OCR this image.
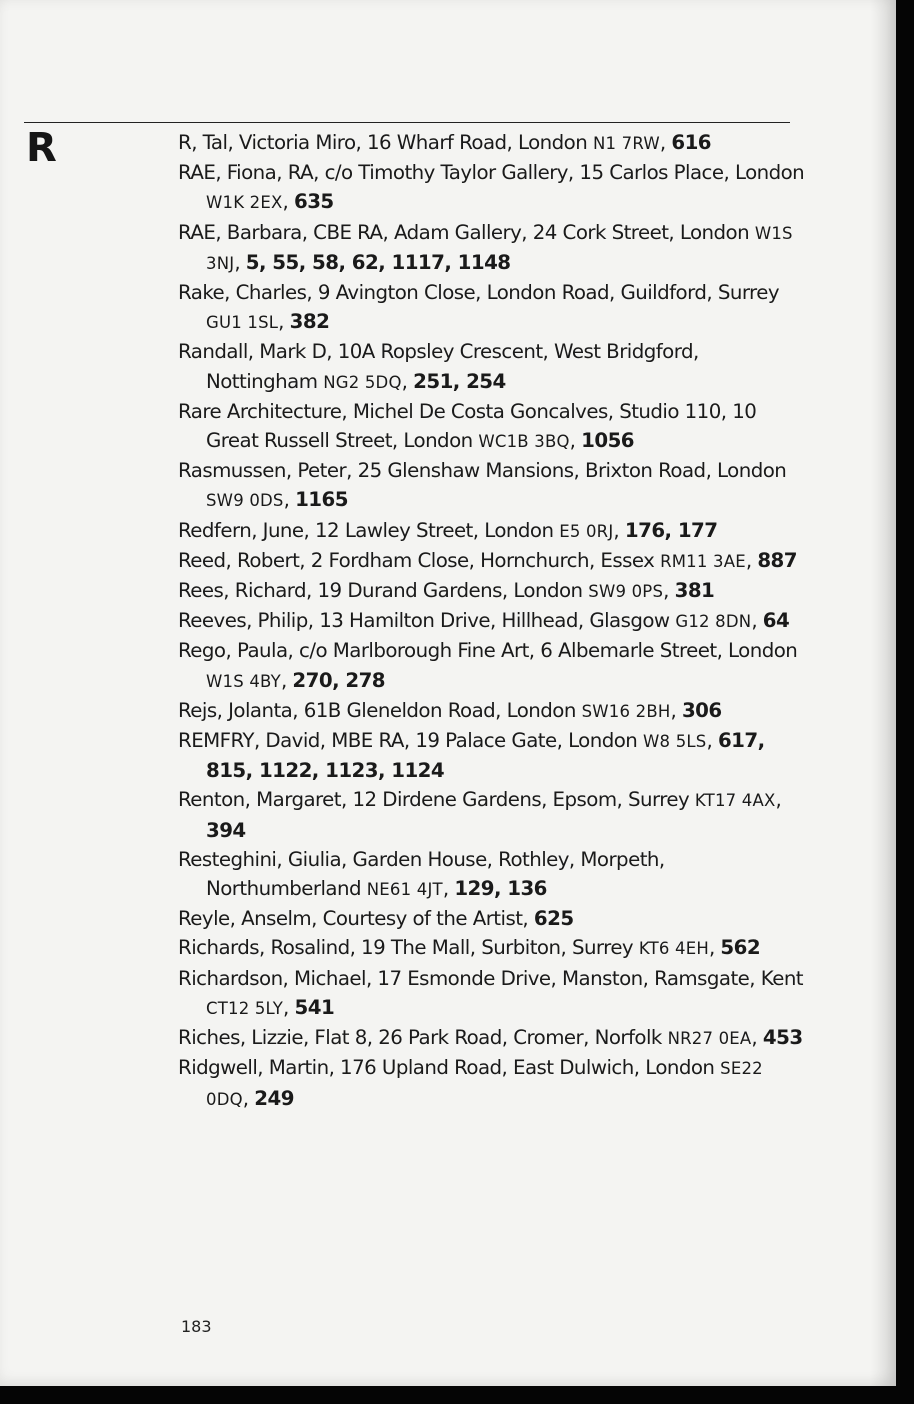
R	R, Tal, Victoria Miro, 16 Wharf Road, London N1 7RW, 616
RAE, Fiona, RA, c/o Timothy Taylor Gallery, 15 Carlos Place, London W1K 2EX, 635
RAE, Barbara, CBE RA, Adam Gallery, 24 Cork Street, London W1S 3NJ, 5, 55, 58, 62, 1117, 1148
Rake, Charles, 9 Avington Close, London Road, Guildford, Surrey GU1 1SL, 382
Randall, Mark D, 10A Ropsley Crescent, West Bridgford, Nottingham NG2 5DQ, 251, 254
Rare Architecture, Michel De Costa Goncalves, Studio 110, 10 Great Russell Street, London WC1B 3BQ, 1056
Rasmussen, Peter, 25 Glenshaw Mansions, Brixton Road, London SW9 0DS, 1165
Redfern, June, 12 Lawley Street, London E5 0RJ, 176, 177
Reed, Robert, 2 Fordham Close, Hornchurch, Essex RM11 3AE, 887
Rees, Richard, 19 Durand Gardens, London SW9 0PS, 381
Reeves, Philip, 13 Hamilton Drive, Hillhead, Glasgow G12 8DN, 64
Rego, Paula, c/o Marlborough Fine Art, 6 Albemarle Street, London W1S 4BY, 270, 278
Rejs, Jolanta, 61B Gleneldon Road, London SW16 2BH, 306
REMFRY, David, MBE RA, 19 Palace Gate, London W8 5LS, 617, 815, 1122, 1123, 1124
Renton, Margaret, 12 Dirdene Gardens, Epsom, Surrey KT17 4AX, 394
Resteghini, Giulia, Garden House, Rothley, Morpeth, Northumberland NE61 4JT, 129, 136
Reyle, Anselm, Courtesy of the Artist, 625
Richards, Rosalind, 19 The Mall, Surbiton, Surrey KT6 4EH, 562
Richardson, Michael, 17 Esmonde Drive, Manston, Ramsgate, Kent CT12 5LY, 541
Riches, Lizzie, Flat 8, 26 Park Road, Cromer, Norfolk NR27 0EA, 453
Ridgwell, Martin, 176 Upland Road, East Dulwich, London SE22 0DQ, 249
183
